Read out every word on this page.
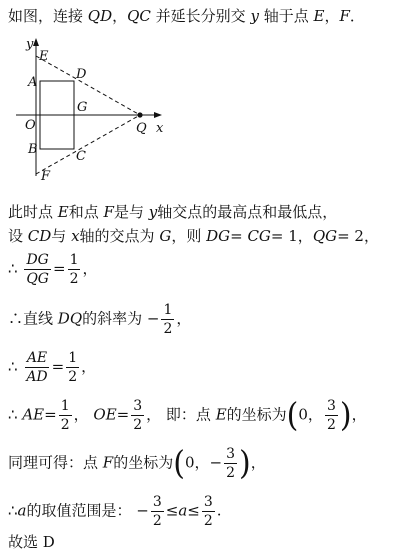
如图，连接 QD，QC 并延长分别交 y 轴于点 E，F．
y
E
A
D
G
O	Q x
B	C
F
此时点 E和点 F是与 y轴交点的最高点和最低点，
设 CD与 x轴的交点为 G，则 DG= CG= 1，QG= 2，
∴ $\frac{DG}{QG} = \frac{1}{2}$ ，
∴直线 DQ的斜率为 − $\frac{1}{2}$ ，
∴ $\frac{AE}{AD} = \frac{1}{2}$ ，
∴ $AE= \frac{1}{2}$ ， $OE= \frac{3}{2}$ ， 即：点 E的坐标为(0， $\frac{3}{2}$ )，
同理可得：点 F的坐标为(0，− $\frac{3}{2}$ )，
∴a的取值范围是： − $\frac{3}{2} \le a\le \frac{3}{2}$ .
故选 D
